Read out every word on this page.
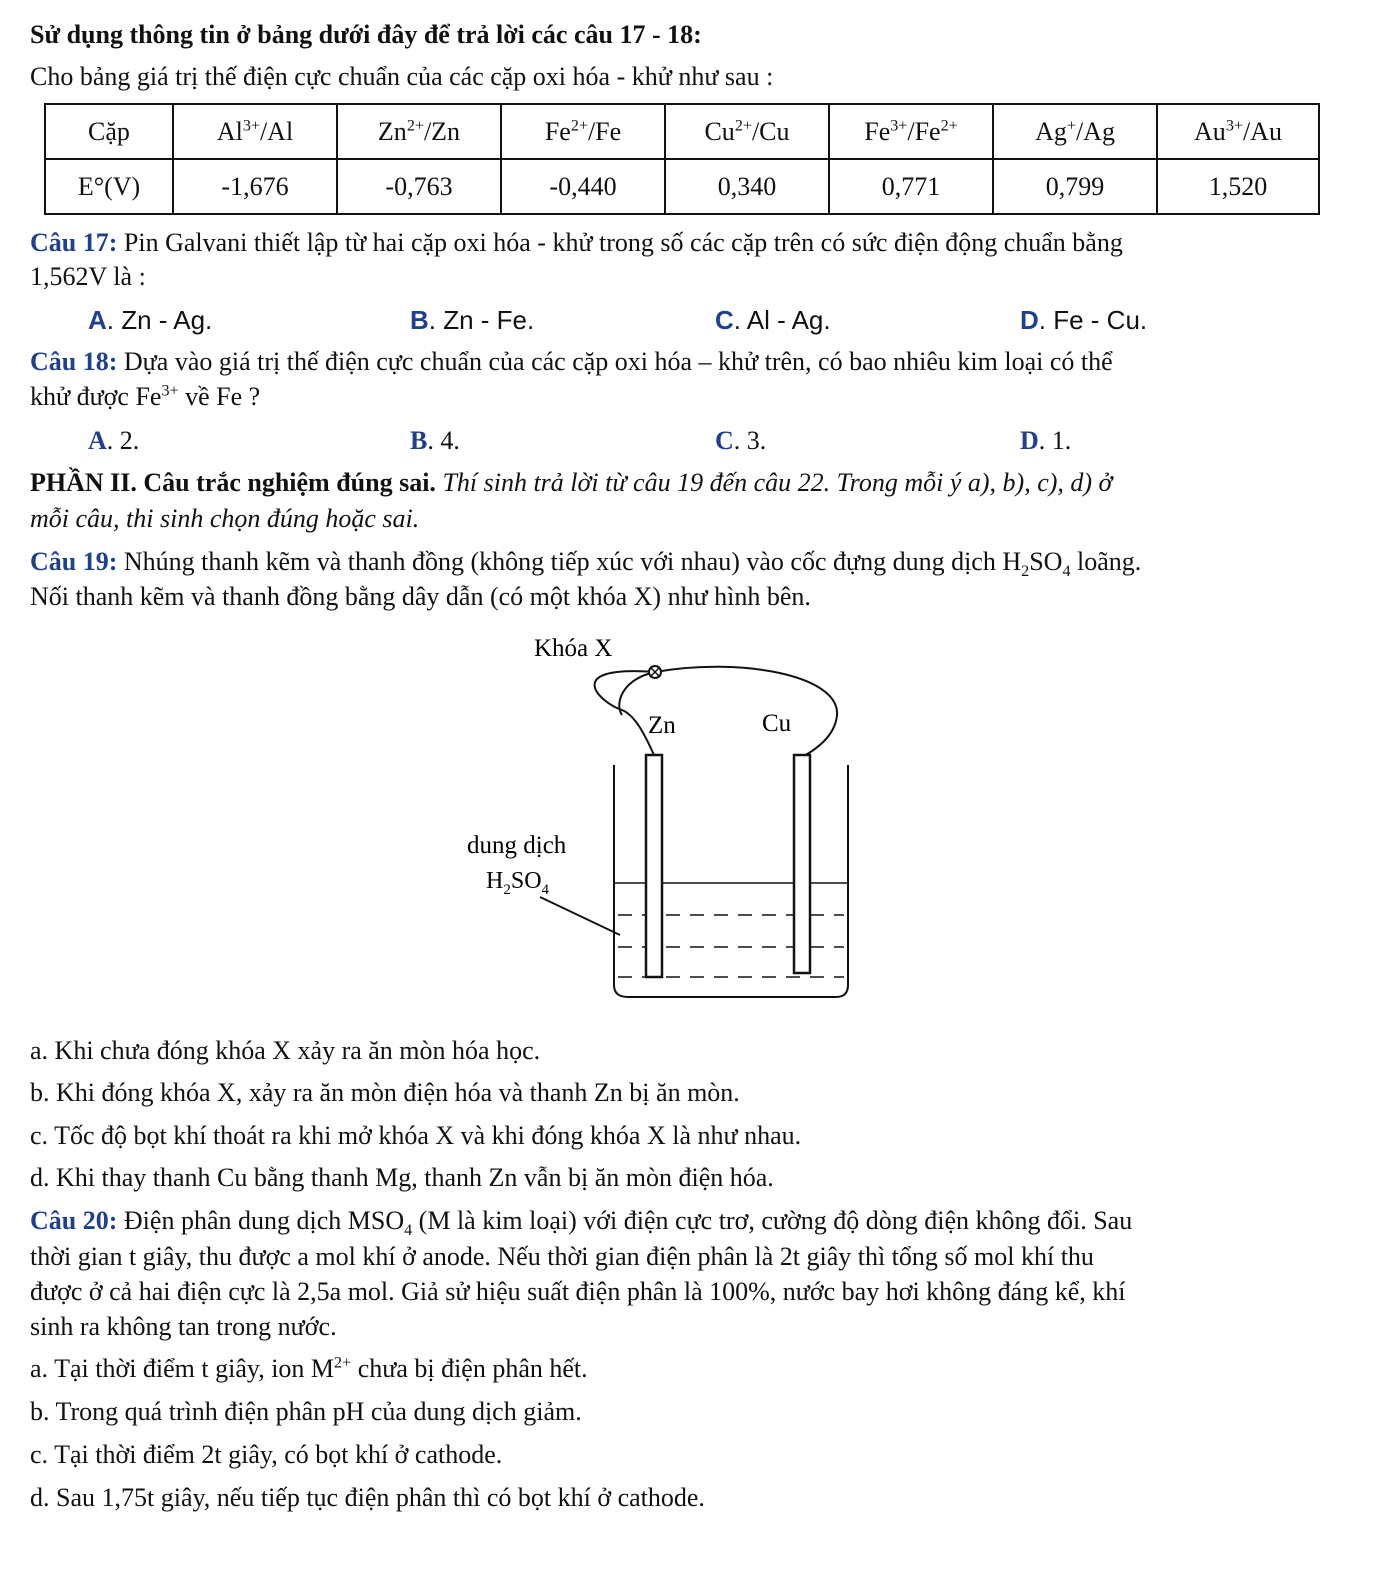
Sử dụng thông tin ở bảng dưới đây để trả lời các câu 17 - 18:
Cho bảng giá trị thế điện cực chuẩn của các cặp oxi hóa - khử như sau :
Cặp	$Al^{3+}/Al$	$Zn^{2+}/Zn$	$Fe^{2+}/Fe$	$Cu^{2+}/Cu$	$Fe^{3+}/Fe^{2+}$	Ag+/Ag	$Au^{3+}/Au$
E°(V)	-1,676	-0,763	-0,440	0,340	0,771	0,799	1,520
Câu 17: Pin Galvani thiết lập từ hai cặp oxi hóa - khử trong số các cặp trên có sức điện động chuẩn bằng
1,562V là :
A. Zn - Ag.	B. Zn - Fe.	C. Al - Ag.	D. Fe - Cu.
Câu 18: Dựa vào giá trị thế điện cực chuẩn của các cặp oxi hóa – khử trên, có bao nhiêu kim loại có thể
khử được $Fe^{3+}$ về Fe ?
A. 2.	B. 4.	C. 3.	D. 1.
PHẦN II. Câu trắc nghiệm đúng sai. Thí sinh trả lời từ câu 19 đến câu 22. Trong mỗi ý a), b), c), d) ở
mỗi câu, thi sinh chọn đúng hoặc sai.
Câu 19: Nhúng thanh kẽm và thanh đồng (không tiếp xúc với nhau) vào cốc đựng dung dịch $H_2SO_4$ loãng.
Nối thanh kẽm và thanh đồng bằng dây dẫn (có một khóa X) như hình bên.
Khóa X
Zn	Cu
dung dịch
$H_2SO_4$
a. Khi chưa đóng khóa X xảy ra ăn mòn hóa học.
b. Khi đóng khóa X, xảy ra ăn mòn điện hóa và thanh Zn bị ăn mòn.
c. Tốc độ bọt khí thoát ra khi mở khóa X và khi đóng khóa X là như nhau.
d. Khi thay thanh Cu bằng thanh Mg, thanh Zn vẫn bị ăn mòn điện hóa.
Câu 20: Điện phân dung dịch $MSO_4$ (M là kim loại) với điện cực trơ, cường độ dòng điện không đổi. Sau
thời gian t giây, thu được a mol khí ở anode. Nếu thời gian điện phân là 2t giây thì tổng số mol khí thu
được ở cả hai điện cực là 2,5a mol. Giả sử hiệu suất điện phân là 100%, nước bay hơi không đáng kể, khí
sinh ra không tan trong nước.
a. Tại thời điểm t giây, ion $M^{2+}$ chưa bị điện phân hết.
b. Trong quá trình điện phân pH của dung dịch giảm.
c. Tại thời điểm 2t giây, có bọt khí ở cathode.
d. Sau 1,75t giây, nếu tiếp tục điện phân thì có bọt khí ở cathode.
